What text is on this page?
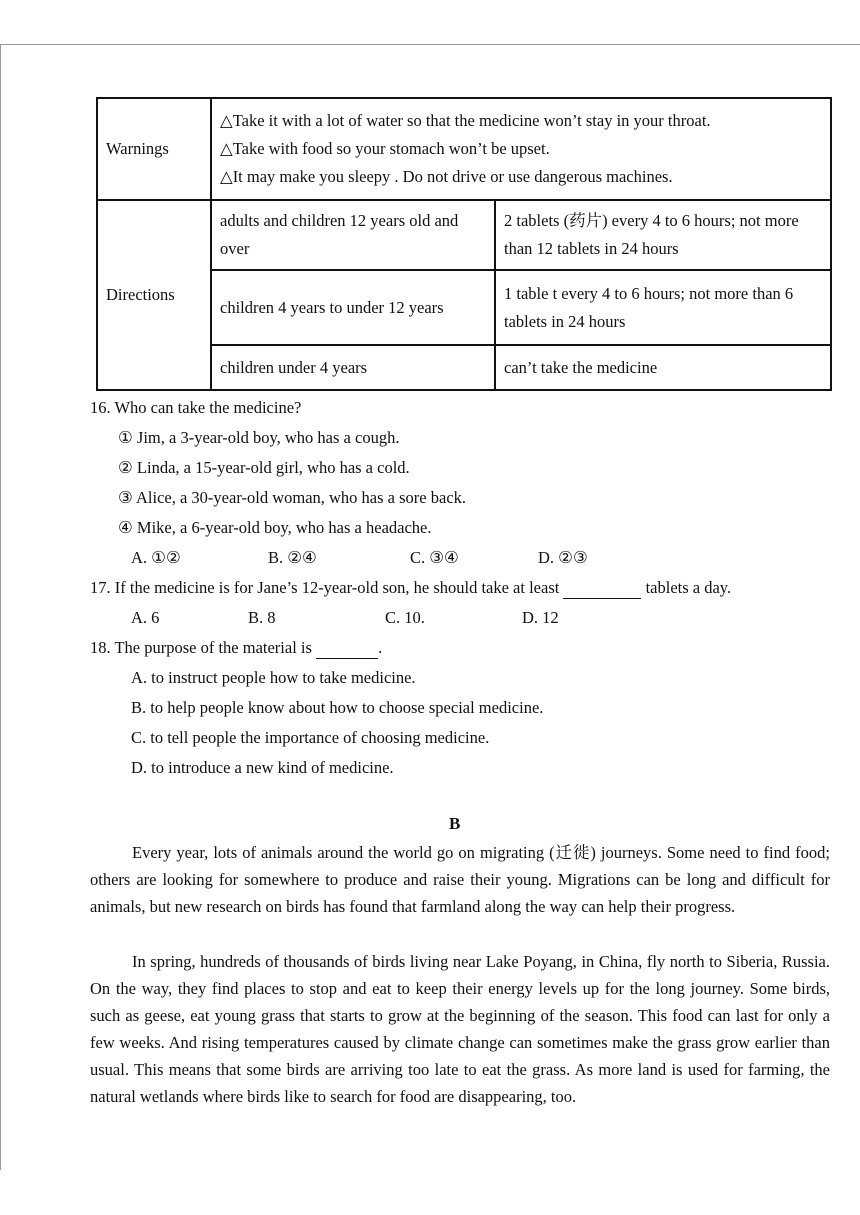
Warnings	△Take it with a lot of water so that the medicine won’t stay in your throat.
△Take with food so your stomach won’t be upset.
△It may make you sleepy . Do not drive or use dangerous machines.	

Directions	adults and children 12 years old and over	2 tablets (药片) every 4 to 6 hours; not more than 12 tablets in 24 hours
	children 4 years to under 12 years	1 table t every 4 to 6 hours; not more than 6 tablets in 24 hours
	children under 4 years	can’t take the medicine
16. Who can take the medicine?
① Jim, a 3-year-old boy, who has a cough.
② Linda, a 15-year-old girl, who has a cold.
③ Alice, a 30-year-old woman, who has a sore back.
④ Mike, a 6-year-old boy, who has a headache.
A. ①②	B. ②④	C. ③④	D. ②③
17. If the medicine is for Jane’s 12-year-old son, he should take at least	tablets a day.
A. 6	B. 8	C. 10.	D. 12
18. The purpose of the material is	.
A. to instruct people how to take medicine.
B. to help people know about how to choose special medicine.
C. to tell people the importance of choosing medicine.
D. to introduce a new kind of medicine.
B
Every year, lots of animals around the world go on migrating (迁徙) journeys. Some need to find food; others are looking for somewhere to produce and raise their young. Migrations can be long and difficult for animals, but new research on birds has found that farmland along the way can help their progress.
In spring, hundreds of thousands of birds living near Lake Poyang, in China, fly north to Siberia, Russia. On the way, they find places to stop and eat to keep their energy levels up for the long journey. Some birds, such as geese, eat young grass that starts to grow at the beginning of the season. This food can last for only a few weeks. And rising temperatures caused by climate change can sometimes make the grass grow earlier than usual. This means that some birds are arriving too late to eat the grass. As more land is used for farming, the natural wetlands where birds like to search for food are disappearing, too.
